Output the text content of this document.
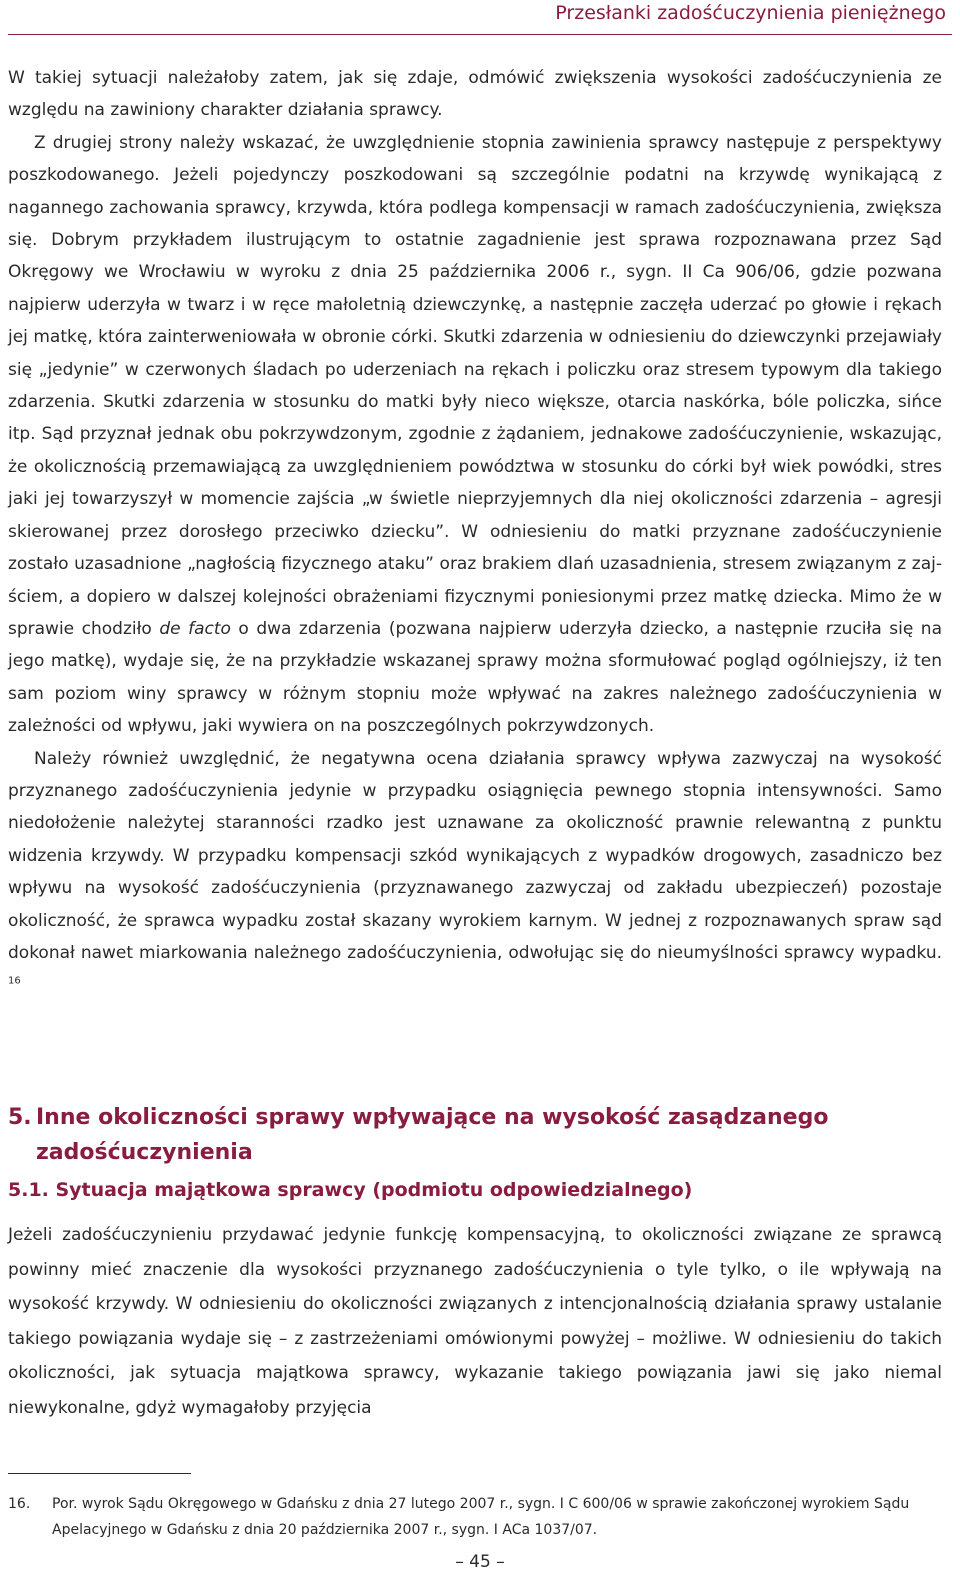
Przesłanki zadośćuczynienia pieniężnego

W takiej sytuacji należałoby zatem, jak się zdaje, odmówić zwiększenia wysokości zadośćuczynienia ze względu na zawiniony charakter działania sprawcy.

Z drugiej strony należy wskazać, że uwzględnienie stopnia zawinienia sprawcy następuje z perspektywy poszkodowanego. Jeżeli pojedynczy poszkodowani są szczególnie podatni na krzywdę wynikającą z nagannego zachowania sprawcy, krzywda, która podlega kompensacji w ramach zadośćuczynienia, zwiększa się. Dobrym przykładem ilustrującym to ostatnie zagadnienie jest sprawa rozpoznawana przez Sąd Okręgowy we Wrocławiu w wyroku z dnia 25 października 2006 r., sygn. II Ca 906/06, gdzie pozwana najpierw uderzyła w twarz i w ręce małoletnią dziewczynkę, a następnie zaczęła uderzać po głowie i rękach jej matkę, która zainterweniowała w obronie córki. Skutki zdarzenia w odniesieniu do dziewczynki przejawiały się „jedynie” w czerwonych śladach po uderzeniach na rękach i policzku oraz stresem typowym dla takiego zdarzenia. Skutki zdarzenia w stosunku do matki były nieco większe, otarcia naskórka, bóle policzka, sińce itp. Sąd przyznał jednak obu pokrzywdzonym, zgodnie z żądaniem, jednakowe zadośćuczynienie, wskazując, że okolicznością przemawiającą za uwzględnieniem powództwa w stosunku do córki był wiek powódki, stres jaki jej towarzyszył w momencie zajścia „w świetle nieprzyjemnych dla niej okoliczności zdarzenia – agresji skierowanej przez dorosłego przeciwko dziecku”. W odniesieniu do matki przyznane zadośćuczynienie zostało uzasadnione „nagłością fizycznego ataku” oraz brakiem dlań uzasadnienia, stresem związanym z zajściem, a dopiero w dalszej kolejności obrażeniami fizycznymi poniesionymi przez matkę dziecka. Mimo że w sprawie chodziło de facto o dwa zdarzenia (pozwana najpierw uderzyła dziecko, a następnie rzuciła się na jego matkę), wydaje się, że na przykładzie wskazanej sprawy można sformułować pogląd ogólniejszy, iż ten sam poziom winy sprawcy w różnym stopniu może wpływać na zakres należnego zadośćuczynienia w zależności od wpływu, jaki wywiera on na poszczególnych pokrzywdzonych.

Należy również uwzględnić, że negatywna ocena działania sprawcy wpływa zazwyczaj na wysokość przyznanego zadośćuczynienia jedynie w przypadku osiągnięcia pewnego stopnia intensywności. Samo niedołożenie należytej staranności rzadko jest uznawane za okoliczność prawnie relewantną z punktu widzenia krzywdy. W przypadku kompensacji szkód wynikających z wypadków drogowych, zasadniczo bez wpływu na wysokość zadośćuczynienia (przyznawanego zazwyczaj od zakładu ubezpieczeń) pozostaje okoliczność, że sprawca wypadku został skazany wyrokiem karnym. W jednej z rozpoznawanych spraw sąd dokonał nawet miarkowania należnego zadośćuczynienia, odwołując się do nieumyślności sprawcy wypadku. $^{16}$

5. Inne okoliczności sprawy wpływające na wysokość zasądzanego
zadośćuczynienia
5.1. Sytuacja majątkowa sprawcy (podmiotu odpowiedzialnego)

Jeżeli zadośćuczynieniu przydawać jedynie funkcję kompensacyjną, to okoliczności związane ze sprawcą powinny mieć znaczenie dla wysokości przyznanego zadośćuczynienia o tyle tylko, o ile wpływają na wysokość krzywdy. W odniesieniu do okoliczności związanych z intencjonalnością działania sprawy ustalanie takiego powiązania wydaje się – z zastrzeżeniami omówionymi powyżej – możliwe. W odniesieniu do takich okoliczności, jak sytuacja majątkowa sprawcy, wykazanie takiego powiązania jawi się jako niemal niewykonalne, gdyż wymagałoby przyjęcia

16.	Por. wyrok Sądu Okręgowego w Gdańsku z dnia 27 lutego 2007 r., sygn. I C 600/06 w sprawie zakończonej wyrokiem Sądu Apelacyjnego w Gdańsku z dnia 20 października 2007 r., sygn. I ACa 1037/07.
– 45 –
